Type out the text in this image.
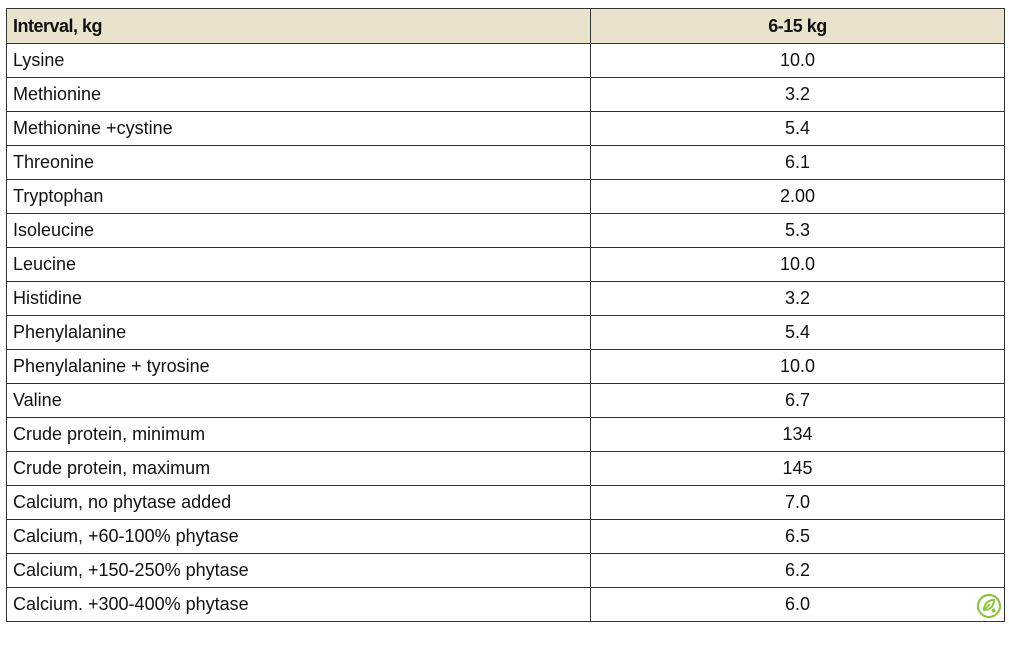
Interval, kg	6-15 kg
Lysine	10.0
Methionine	3.2
Methionine +cystine	5.4
Threonine	6.1
Tryptophan	2.00
Isoleucine	5.3
Leucine	10.0
Histidine	3.2
Phenylalanine	5.4
Phenylalanine + tyrosine	10.0
Valine	6.7
Crude protein, minimum	134
Crude protein, maximum	145
Calcium, no phytase added	7.0
Calcium, +60-100% phytase	6.5
Calcium, +150-250% phytase	6.2
Calcium. +300-400% phytase	6.0
